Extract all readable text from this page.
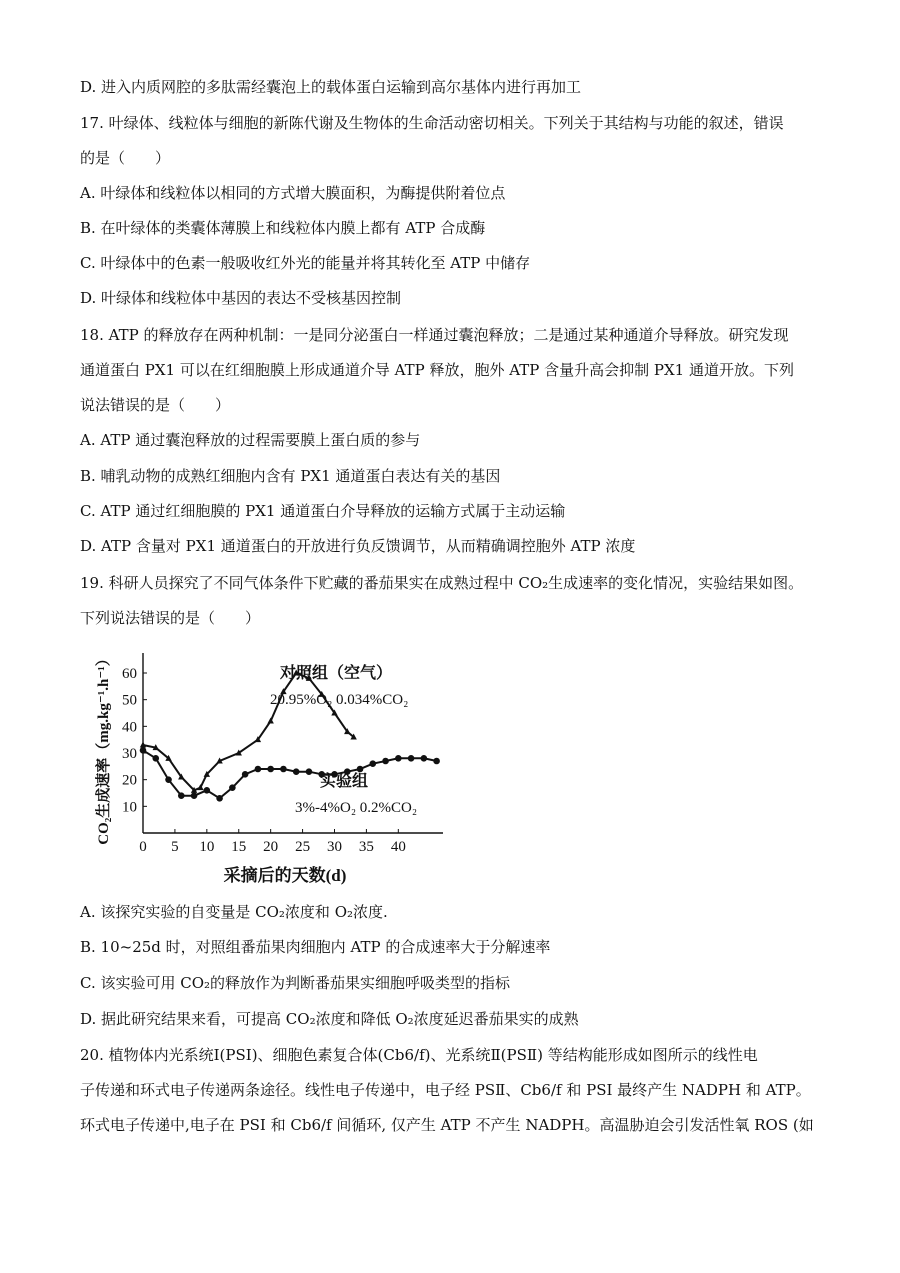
D. 进入内质网腔的多肽需经囊泡上的载体蛋白运输到高尔基体内进行再加工
17. 叶绿体、线粒体与细胞的新陈代谢及生物体的生命活动密切相关。下列关于其结构与功能的叙述，错误
的是（　　）
A. 叶绿体和线粒体以相同的方式增大膜面积，为酶提供附着位点
B. 在叶绿体的类囊体薄膜上和线粒体内膜上都有 ATP 合成酶
C. 叶绿体中的色素一般吸收红外光的能量并将其转化至 ATP 中储存
D. 叶绿体和线粒体中基因的表达不受核基因控制
18. ATP 的释放存在两种机制：一是同分泌蛋白一样通过囊泡释放；二是通过某种通道介导释放。研究发现
通道蛋白 PX1 可以在红细胞膜上形成通道介导 ATP 释放，胞外 ATP 含量升高会抑制 PX1 通道开放。下列
说法错误的是（　　）
A. ATP 通过囊泡释放的过程需要膜上蛋白质的参与
B. 哺乳动物的成熟红细胞内含有 PX1 通道蛋白表达有关的基因
C. ATP 通过红细胞膜的 PX1 通道蛋白介导释放的运输方式属于主动运输
D. ATP 含量对 PX1 通道蛋白的开放进行负反馈调节，从而精确调控胞外 ATP 浓度
19. 科研人员探究了不同气体条件下贮藏的番茄果实在成熟过程中 CO₂生成速率的变化情况，实验结果如图。
下列说法错误的是（　　）
A. 该探究实验的自变量是 CO₂浓度和 O₂浓度.
B. 10~25d 时，对照组番茄果肉细胞内 ATP 的合成速率大于分解速率
C. 该实验可用 CO₂的释放作为判断番茄果实细胞呼吸类型的指标
D. 据此研究结果来看，可提高 CO₂浓度和降低 O₂浓度延迟番茄果实的成熟
20. 植物体内光系统Ⅰ(PSⅠ)、细胞色素复合体(Cb6/f)、光系统Ⅱ(PSⅡ) 等结构能形成如图所示的线性电
子传递和环式电子传递两条途径。线性电子传递中，电子经 PSⅡ、Cb6/f 和 PSI 最终产生 NADPH 和 ATP。
环式电子传递中,电子在 PSI 和 Cb6/f 间循环, 仅产生 ATP 不产生 NADPH。高温胁迫会引发活性氧 ROS (如
0 5 10 15 20 25 30 35 40
10
20
30
40
50
60	对照组（空气）
20.95%O₂ 0.034%CO₂
实验组
3%-4%O₂ 0.2%CO₂
采摘后的天数(d)
CO₂生成速率（mg.kg⁻¹.h⁻¹）
